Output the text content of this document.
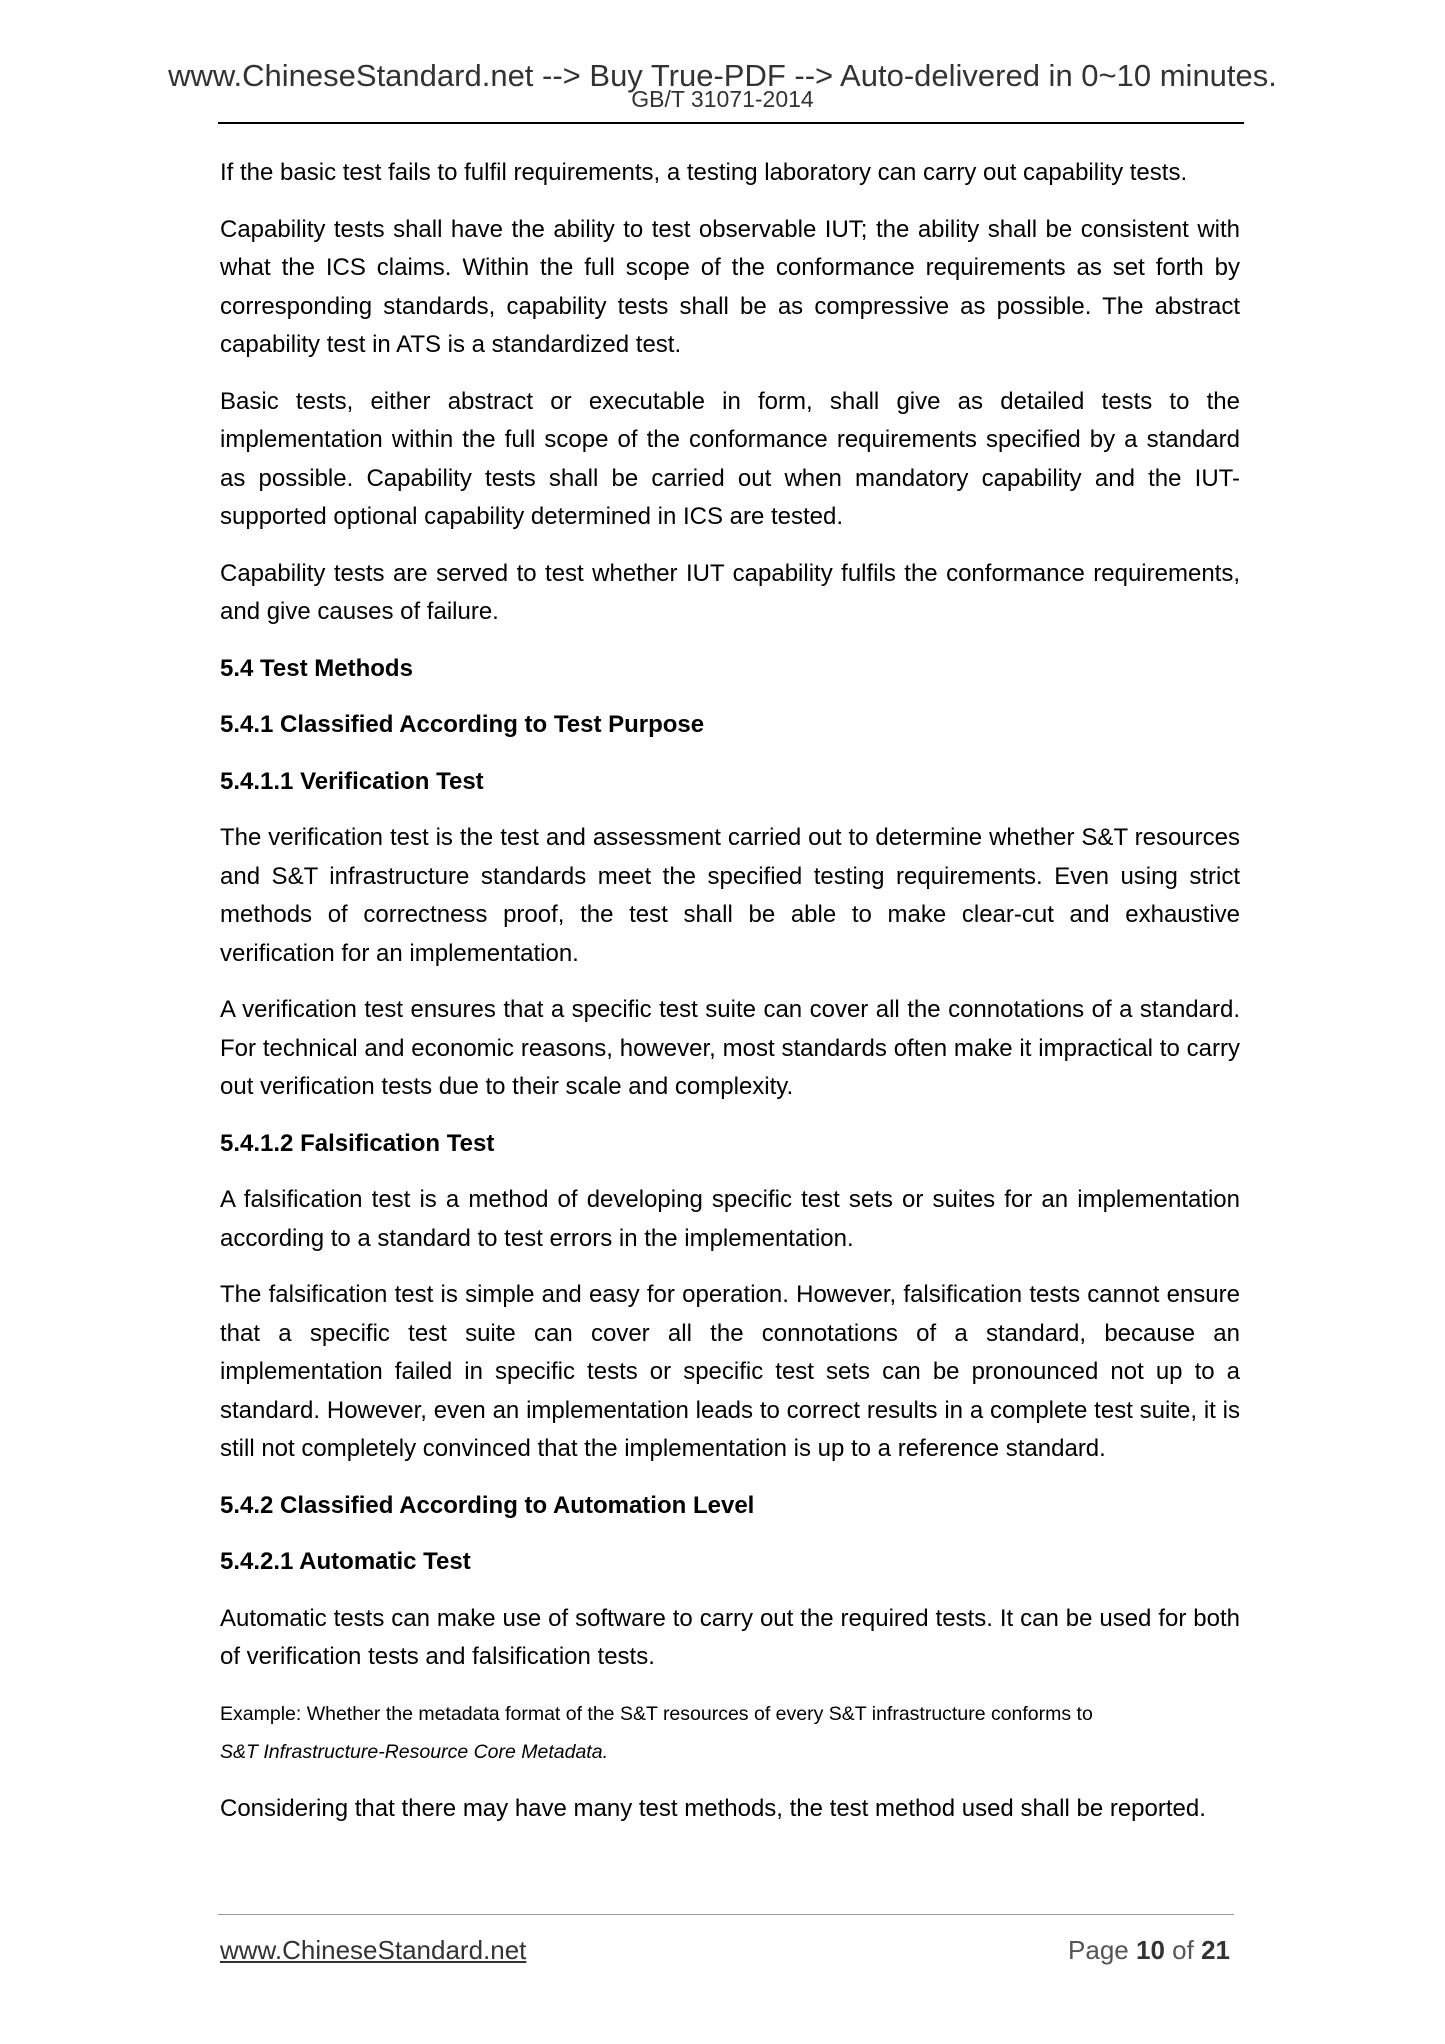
www.ChineseStandard.net --> Buy True-PDF --> Auto-delivered in 0~10 minutes.
GB/T 31071-2014

If the basic test fails to fulfil requirements, a testing laboratory can carry out capability tests.

Capability tests shall have the ability to test observable IUT; the ability shall be consistent with what the ICS claims. Within the full scope of the conformance requirements as set forth by corresponding standards, capability tests shall be as compressive as possible. The abstract capability test in ATS is a standardized test.

Basic tests, either abstract or executable in form, shall give as detailed tests to the implementation within the full scope of the conformance requirements specified by a standard as possible. Capability tests shall be carried out when mandatory capability and the IUT-supported optional capability determined in ICS are tested.

Capability tests are served to test whether IUT capability fulfils the conformance requirements, and give causes of failure.

5.4 Test Methods
5.4.1 Classified According to Test Purpose
5.4.1.1 Verification Test

The verification test is the test and assessment carried out to determine whether S&T resources and S&T infrastructure standards meet the specified testing requirements. Even using strict methods of correctness proof, the test shall be able to make clear-cut and exhaustive verification for an implementation.

A verification test ensures that a specific test suite can cover all the connotations of a standard. For technical and economic reasons, however, most standards often make it impractical to carry out verification tests due to their scale and complexity.

5.4.1.2 Falsification Test

A falsification test is a method of developing specific test sets or suites for an implementation according to a standard to test errors in the implementation.

The falsification test is simple and easy for operation. However, falsification tests cannot ensure that a specific test suite can cover all the connotations of a standard, because an implementation failed in specific tests or specific test sets can be pronounced not up to a standard. However, even an implementation leads to correct results in a complete test suite, it is still not completely convinced that the implementation is up to a reference standard.

5.4.2 Classified According to Automation Level
5.4.2.1 Automatic Test

Automatic tests can make use of software to carry out the required tests. It can be used for both of verification tests and falsification tests.

Example: Whether the metadata format of the S&T resources of every S&T infrastructure conforms to
S&T Infrastructure-Resource Core Metadata.

Considering that there may have many test methods, the test method used shall be reported.

www.ChineseStandard.net	Page 10 of 21
